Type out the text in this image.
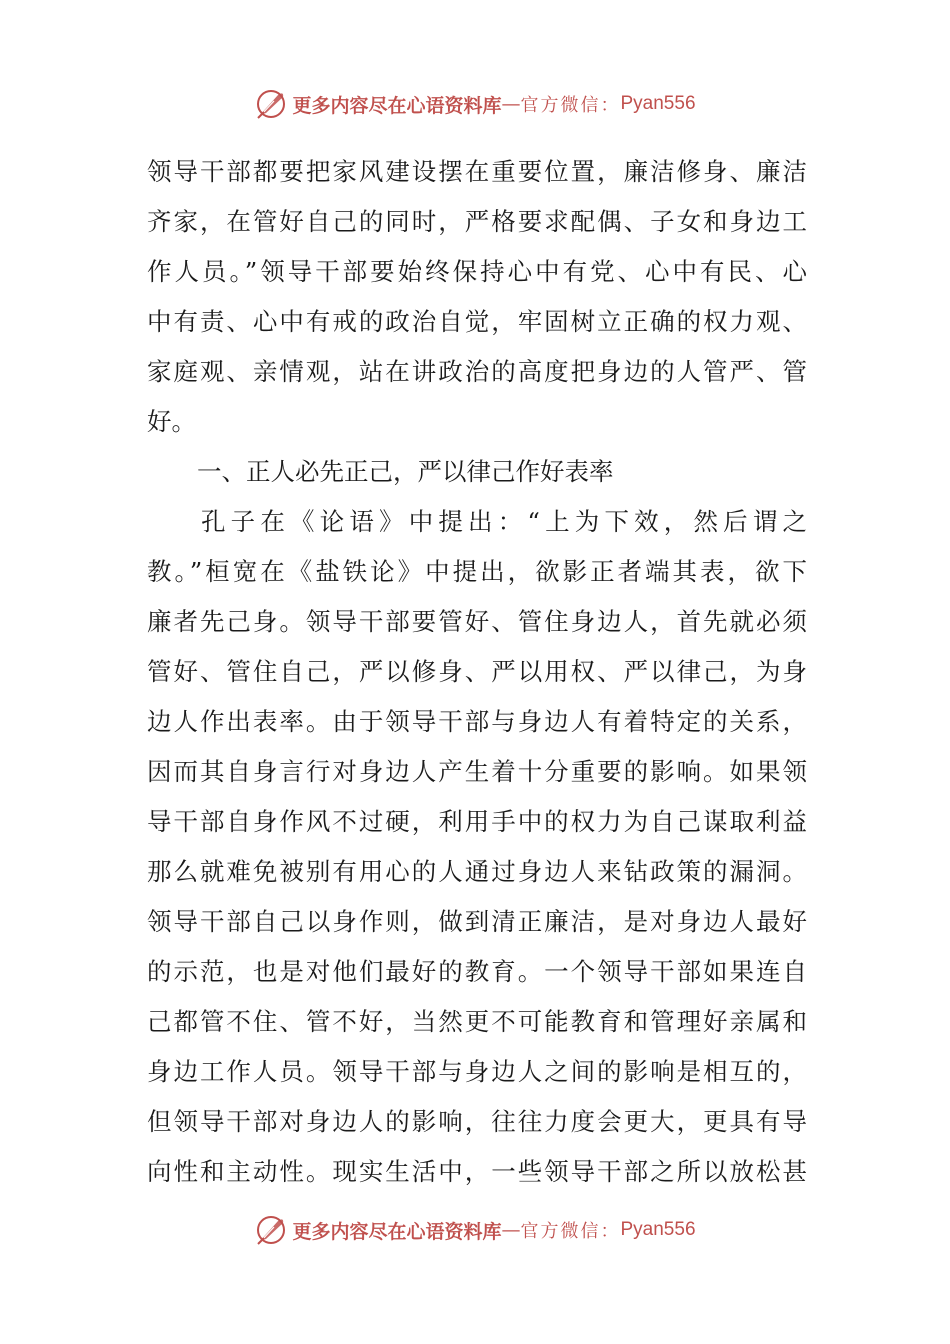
更多内容尽在心语资料库 — 官方微信： Pyan556
领导干部都要把家风建设摆在重要位置，廉洁修身、廉洁
齐家，在管好自己的同时，严格要求配偶、子女和身边工
作人员。”领导干部要始终保持心中有党、心中有民、心
中有责、心中有戒的政治自觉，牢固树立正确的权力观、
家庭观、亲情观，站在讲政治的高度把身边的人管严、管
好。
一、正人必先正己，严以律己作好表率
孔子在《论语》中提出：“上为下效，然后谓之
教。”桓宽在《盐铁论》中提出，欲影正者端其表，欲下
廉者先己身。领导干部要管好、管住身边人，首先就必须
管好、管住自己，严以修身、严以用权、严以律己，为身
边人作出表率。由于领导干部与身边人有着特定的关系，
因而其自身言行对身边人产生着十分重要的影响。如果领
导干部自身作风不过硬，利用手中的权力为自己谋取利益
那么就难免被别有用心的人通过身边人来钻政策的漏洞。
领导干部自己以身作则，做到清正廉洁，是对身边人最好
的示范，也是对他们最好的教育。一个领导干部如果连自
己都管不住、管不好，当然更不可能教育和管理好亲属和
身边工作人员。领导干部与身边人之间的影响是相互的，
但领导干部对身边人的影响，往往力度会更大，更具有导
向性和主动性。现实生活中，一些领导干部之所以放松甚
更多内容尽在心语资料库 — 官方微信： Pyan556
